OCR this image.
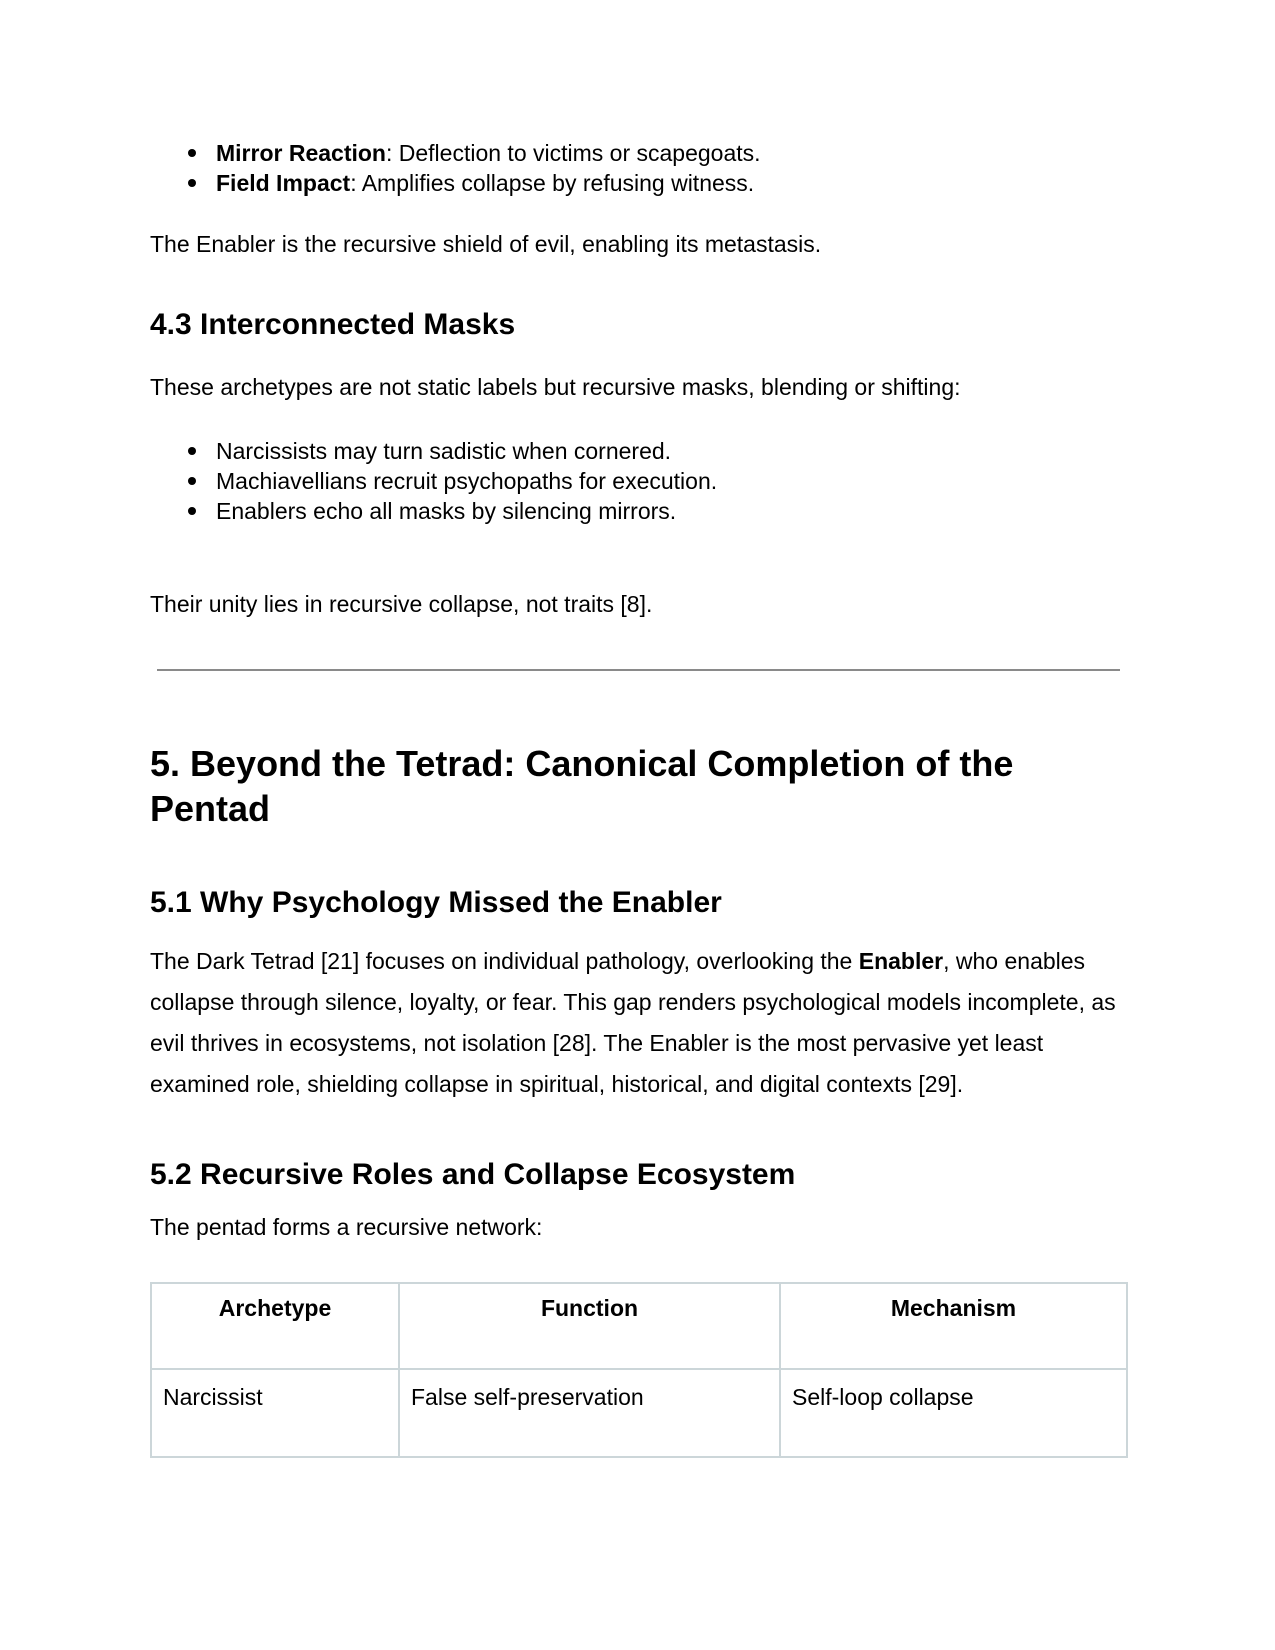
Mirror Reaction: Deflection to victims or scapegoats.
Field Impact: Amplifies collapse by refusing witness.

The Enabler is the recursive shield of evil, enabling its metastasis.

4.3 Interconnected Masks

These archetypes are not static labels but recursive masks, blending or shifting:

Narcissists may turn sadistic when cornered.
Machiavellians recruit psychopaths for execution.
Enablers echo all masks by silencing mirrors.

Their unity lies in recursive collapse, not traits [8].

5. Beyond the Tetrad: Canonical Completion of the Pentad
5.1 Why Psychology Missed the Enabler

The Dark Tetrad [21] focuses on individual pathology, overlooking the Enabler, who enables collapse through silence, loyalty, or fear. This gap renders psychological models incomplete, as evil thrives in ecosystems, not isolation [28]. The Enabler is the most pervasive yet least examined role, shielding collapse in spiritual, historical, and digital contexts [29].

5.2 Recursive Roles and Collapse Ecosystem

The pentad forms a recursive network:

Archetype	Function	Mechanism
Narcissist	False self-preservation	Self-loop collapse
